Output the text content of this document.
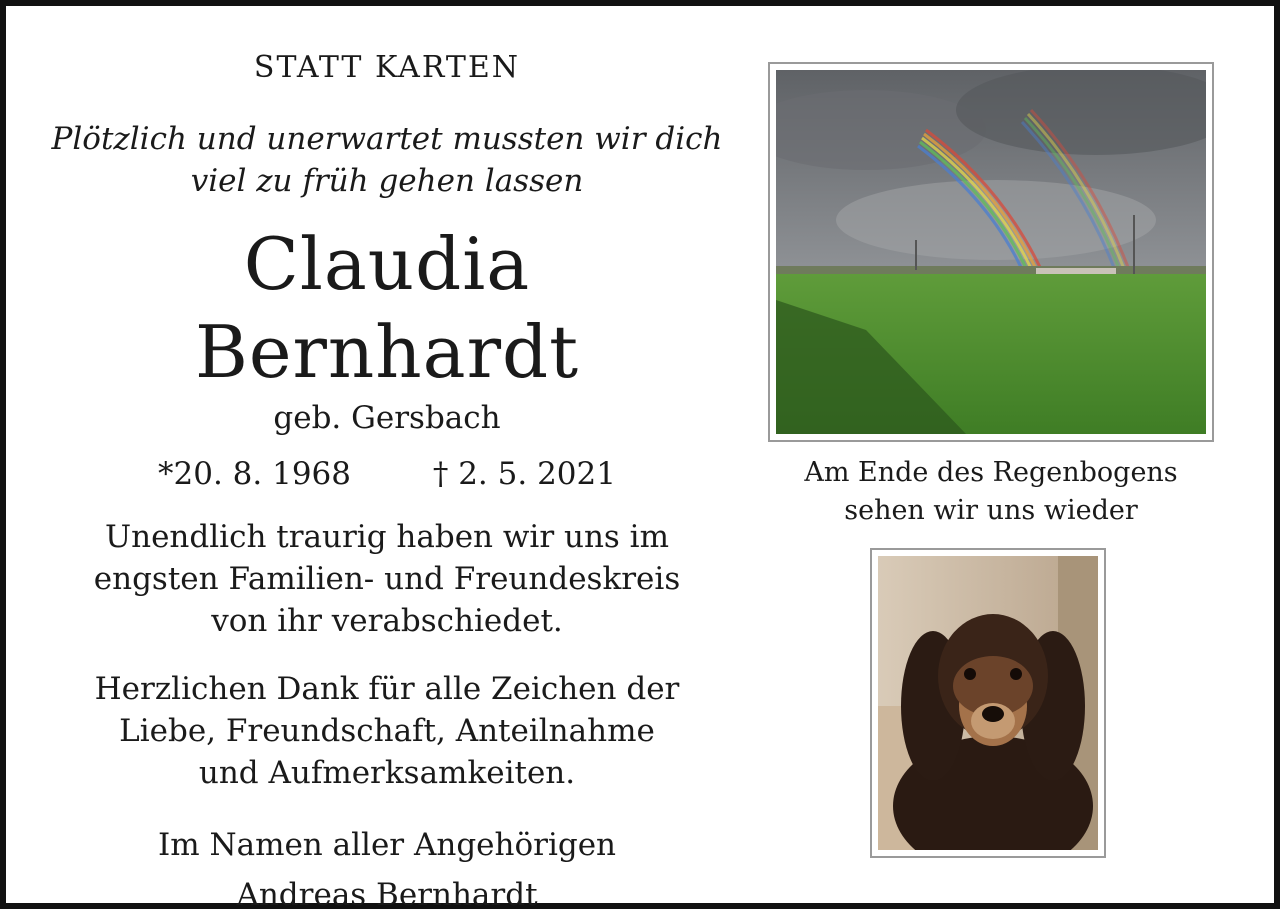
STATT KARTEN

Plötzlich und unerwartet mussten wir dich
viel zu früh gehen lassen

Claudia Bernhardt

geb. Gersbach

*20. 8. 1968	† 2. 5. 2021

Unendlich traurig haben wir uns im
engsten Familien- und Freundeskreis
von ihr verabschiedet.

Herzlichen Dank für alle Zeichen der
Liebe, Freundschaft, Anteilnahme
und Aufmerksamkeiten.

Im Namen aller Angehörigen

Andreas Bernhardt

Am Ende des Regenbogens
sehen wir uns wieder
